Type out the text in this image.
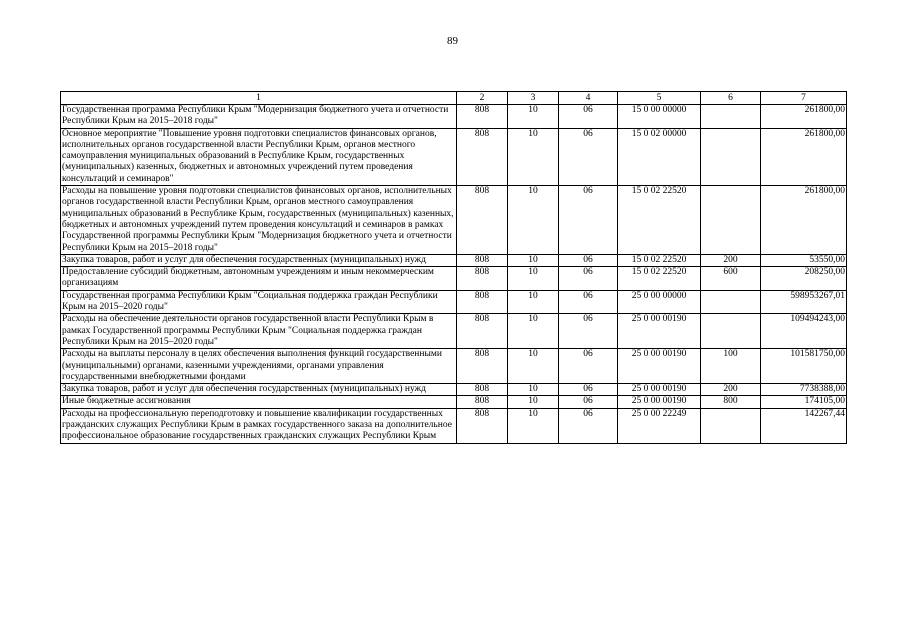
89
1	2	3	4	5	6	7
Государственная программа Республики Крым "Модернизация бюджетного учета и отчетности Республики Крым на 2015–2018 годы"	808	10	06	15 0 00 00000		261800,00
Основное мероприятие "Повышение уровня подготовки специалистов финансовых органов, исполнительных органов государственной власти Республики Крым, органов местного самоуправления муниципальных образований в Республике Крым, государственных (муниципальных) казенных, бюджетных и автономных учреждений путем проведения консультаций и семинаров"	808	10	06	15 0 02 00000		261800,00
Расходы на повышение уровня подготовки специалистов финансовых органов, исполнительных органов государственной власти Республики Крым, органов местного самоуправления муниципальных образований в Республике Крым, государственных (муниципальных) казенных, бюджетных и автономных учреждений путем проведения консультаций и семинаров в рамках Государственной программы Республики Крым "Модернизация бюджетного учета и отчетности Республики Крым на 2015–2018 годы"	808	10	06	15 0 02 22520		261800,00
Закупка товаров, работ и услуг для обеспечения государственных (муниципальных) нужд	808	10	06	15 0 02 22520	200	53550,00
Предоставление субсидий бюджетным, автономным учреждениям и иным некоммерческим организациям	808	10	06	15 0 02 22520	600	208250,00
Государственная программа Республики Крым "Социальная поддержка граждан Республики Крым на 2015–2020 годы"	808	10	06	25 0 00 00000		598953267,01
Расходы на обеспечение деятельности органов государственной власти Республики Крым в рамках Государственной программы Республики Крым "Социальная поддержка граждан Республики Крым на 2015–2020 годы"	808	10	06	25 0 00 00190		109494243,00
Расходы на выплаты персоналу в целях обеспечения выполнения функций государственными (муниципальными) органами, казенными учреждениями, органами управления государственными внебюджетными фондами	808	10	06	25 0 00 00190	100	101581750,00
Закупка товаров, работ и услуг для обеспечения государственных (муниципальных) нужд	808	10	06	25 0 00 00190	200	7738388,00
Иные бюджетные ассигнования	808	10	06	25 0 00 00190	800	174105,00
Расходы на профессиональную переподготовку и повышение квалификации государственных гражданских служащих Республики Крым в рамках государственного заказа на дополнительное профессиональное образование государственных гражданских служащих Республики Крым	808	10	06	25 0 00 22249		142267,44
